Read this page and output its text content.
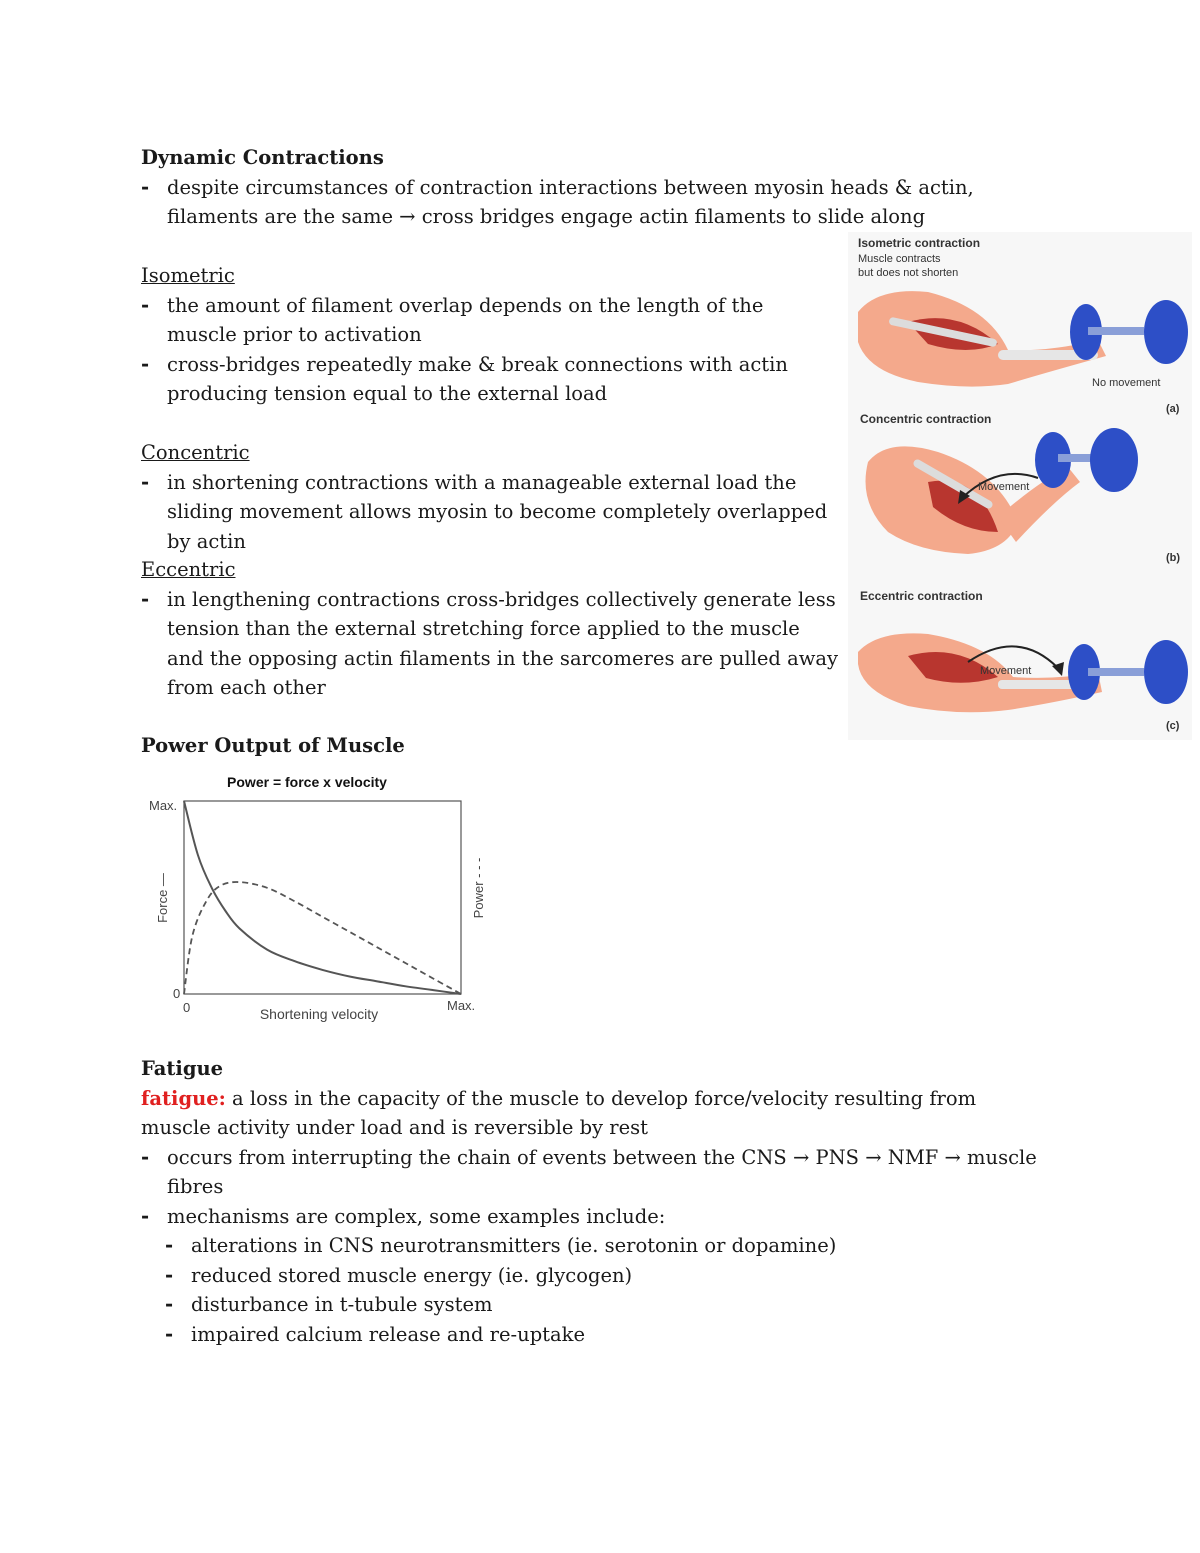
Dynamic Contractions
- despite circumstances of contraction interactions between myosin heads & actin, filaments are the same → cross bridges engage actin filaments to slide along
Isometric
- the amount of filament overlap depends on the length of the muscle prior to activation
- cross-bridges repeatedly make & break connections with actin producing tension equal to the external load
Concentric
- in shortening contractions with a manageable external load the sliding movement allows myosin to become completely overlapped by actin
Eccentric
- in lengthening contractions cross-bridges collectively generate less tension than the external stretching force applied to the muscle and the opposing actin filaments in the sarcomeres are pulled away from each other
Power Output of Muscle
Isometric contraction
Muscle contracts
but does not shorten
No movement
(a)
Concentric contraction
Movement
(b)
Eccentric contraction
Movement
(c)
Power = force x velocity
Max.
0
0	Max.
Shortening velocity
Force —	Power - - -
Fatigue
fatigue: a loss in the capacity of the muscle to develop force/velocity resulting from muscle activity under load and is reversible by rest
- occurs from interrupting the chain of events between the CNS → PNS → NMF → muscle fibres
- mechanisms are complex, some examples include:
- alterations in CNS neurotransmitters (ie. serotonin or dopamine)
- reduced stored muscle energy (ie. glycogen)
- disturbance in t-tubule system
- impaired calcium release and re-uptake
